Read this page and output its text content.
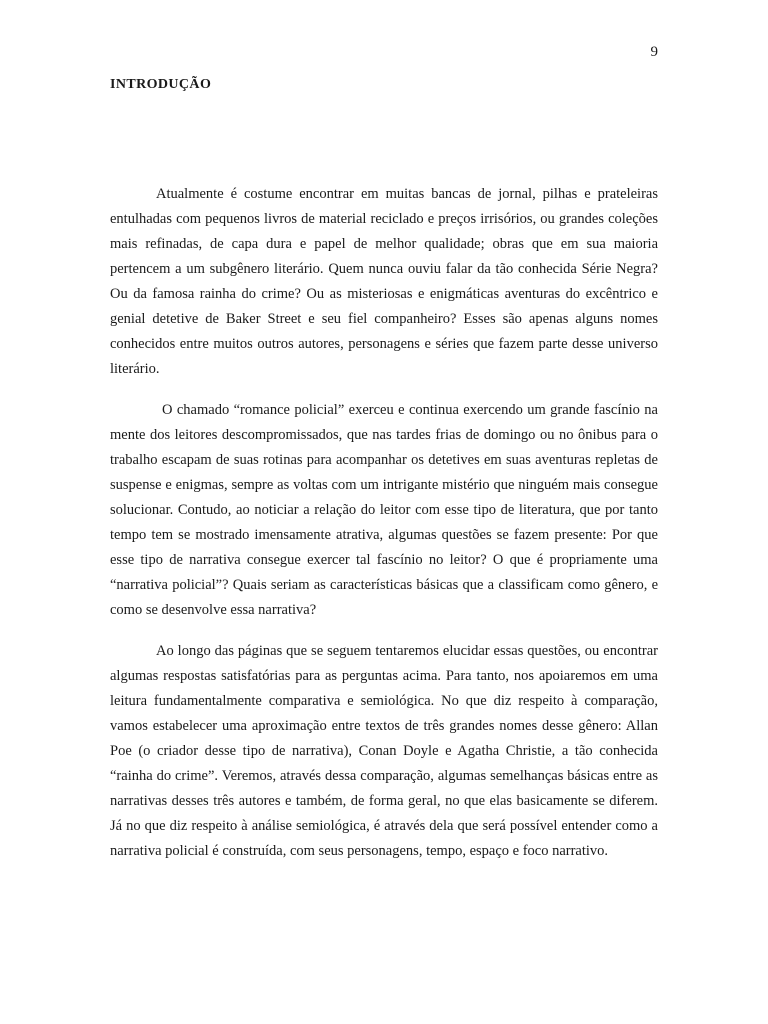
9
INTRODUÇÃO

Atualmente é costume encontrar em muitas bancas de jornal, pilhas e prateleiras entulhadas com pequenos livros de material reciclado e preços irrisórios, ou grandes coleções mais refinadas, de capa dura e papel de melhor qualidade; obras que em sua maioria pertencem a um subgênero literário. Quem nunca ouviu falar da tão conhecida Série Negra? Ou da famosa rainha do crime? Ou as misteriosas e enigmáticas aventuras do excêntrico e genial detetive de Baker Street e seu fiel companheiro? Esses são apenas alguns nomes conhecidos entre muitos outros autores, personagens e séries que fazem parte desse universo literário.

O chamado “romance policial” exerceu e continua exercendo um grande fascínio na mente dos leitores descompromissados, que nas tardes frias de domingo ou no ônibus para o trabalho escapam de suas rotinas para acompanhar os detetives em suas aventuras repletas de suspense e enigmas, sempre as voltas com um intrigante mistério que ninguém mais consegue solucionar. Contudo, ao noticiar a relação do leitor com esse tipo de literatura, que por tanto tempo tem se mostrado imensamente atrativa, algumas questões se fazem presente: Por que esse tipo de narrativa consegue exercer tal fascínio no leitor? O que é propriamente uma “narrativa policial”? Quais seriam as características básicas que a classificam como gênero, e como se desenvolve essa narrativa?

Ao longo das páginas que se seguem tentaremos elucidar essas questões, ou encontrar algumas respostas satisfatórias para as perguntas acima. Para tanto, nos apoiaremos em uma leitura fundamentalmente comparativa e semiológica. No que diz respeito à comparação, vamos estabelecer uma aproximação entre textos de três grandes nomes desse gênero: Allan Poe (o criador desse tipo de narrativa), Conan Doyle e Agatha Christie, a tão conhecida “rainha do crime”. Veremos, através dessa comparação, algumas semelhanças básicas entre as narrativas desses três autores e também, de forma geral, no que elas basicamente se diferem. Já no que diz respeito à análise semiológica, é através dela que será possível entender como a narrativa policial é construída, com seus personagens, tempo, espaço e foco narrativo.
